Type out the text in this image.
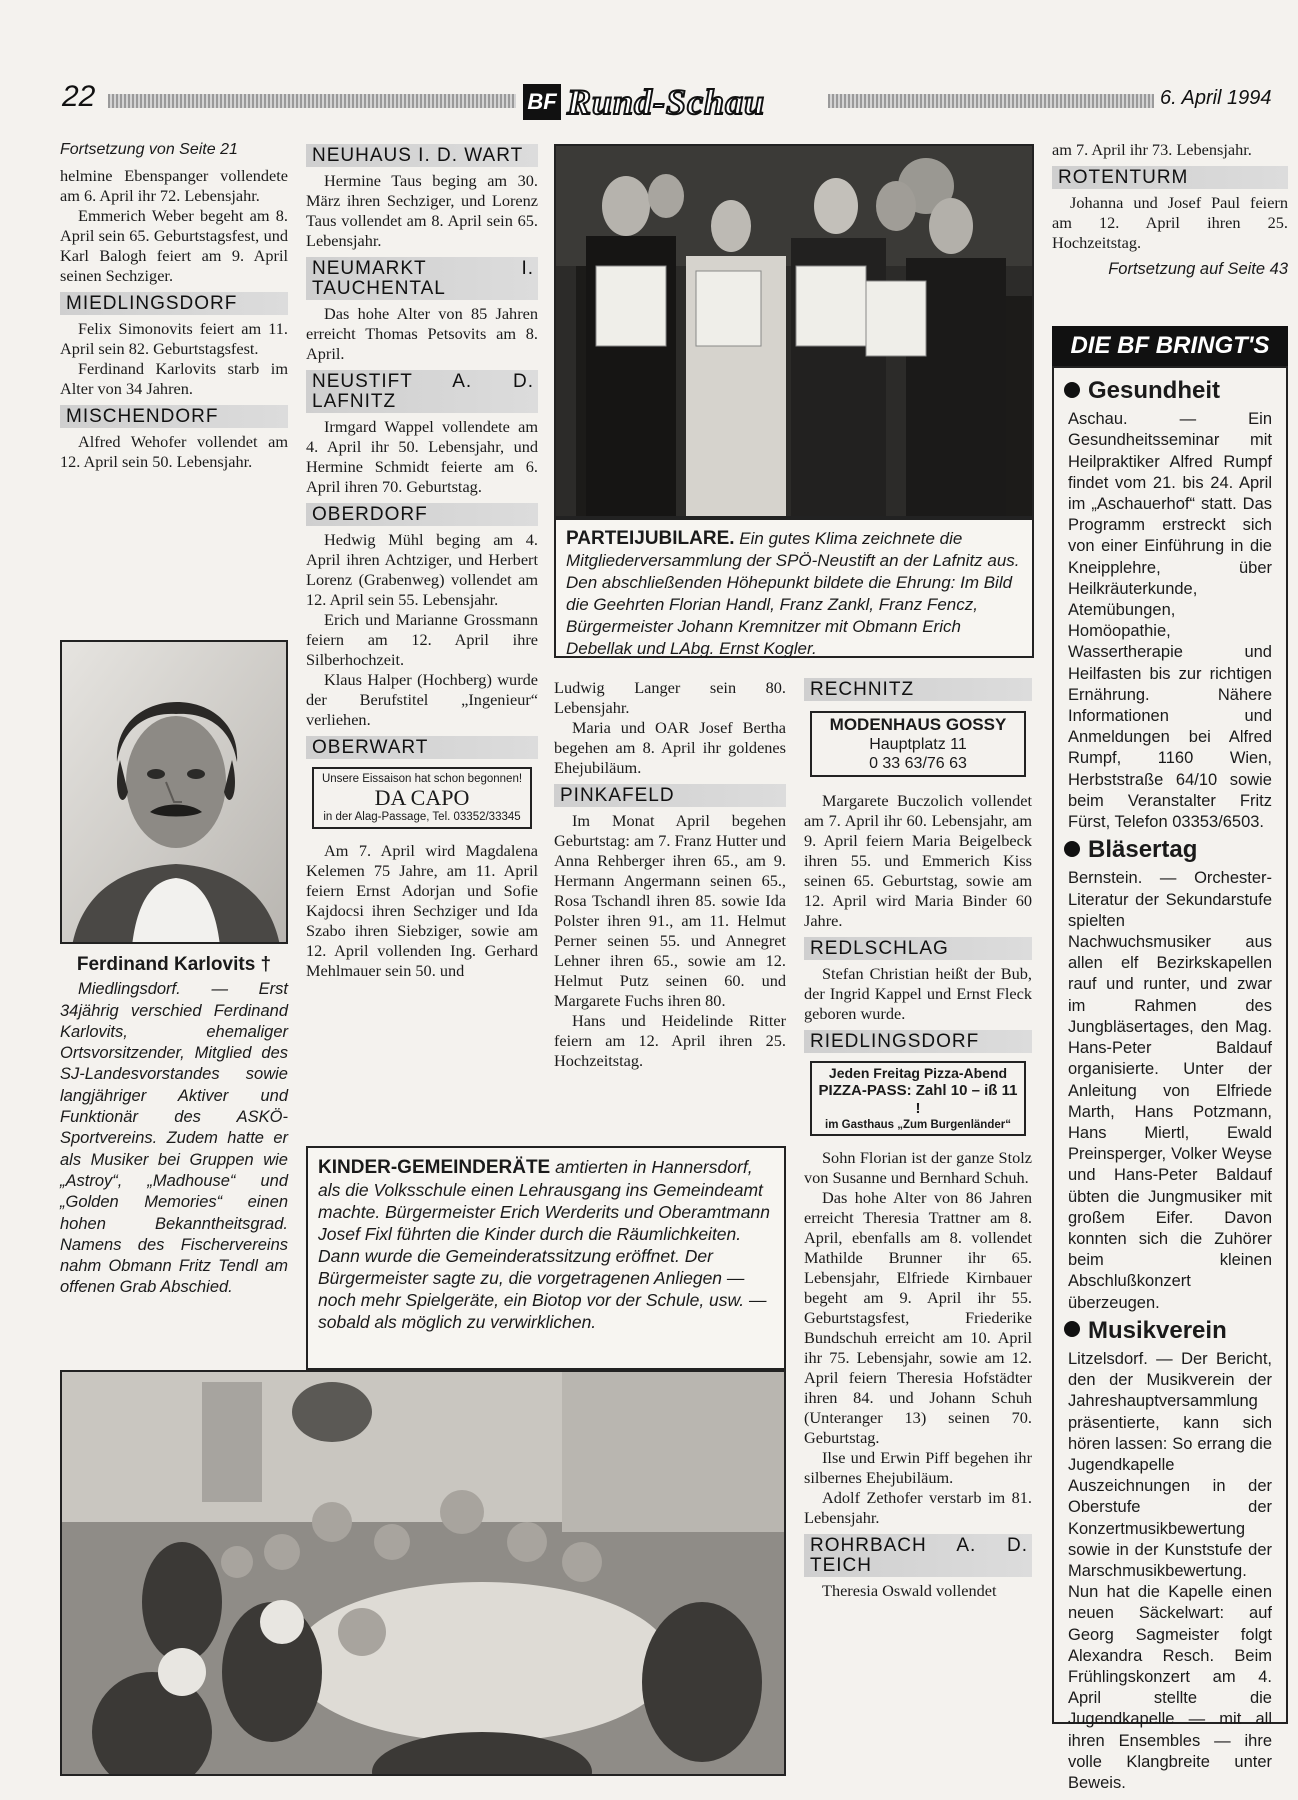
22	BF Rund-Schau	6. April 1994

Fortsetzung von Seite 21

helmine Ebenspanger vollendete am 6. April ihr 72. Lebensjahr.

Emmerich Weber begeht am 8. April sein 65. Geburtstagsfest, und Karl Balogh feiert am 9. April seinen Sechziger.

MIEDLINGSDORF

Felix Simonovits feiert am 11. April sein 82. Geburtstagsfest.

Ferdinand Karlovits starb im Alter von 34 Jahren.

MISCHENDORF

Alfred Wehofer vollendet am 12. April sein 50. Lebensjahr.

Ferdinand Karlovits †

Miedlingsdorf. — Erst 34jährig verschied Ferdinand Karlovits, ehemaliger Ortsvorsitzender, Mitglied des SJ-Landesvorstandes sowie langjähriger Aktiver und Funktionär des ASKÖ-Sportvereins. Zudem hatte er als Musiker bei Gruppen wie „Astroy“, „Madhouse“ und „Golden Memories“ einen hohen Bekanntheitsgrad. Namens des Fischervereins nahm Obmann Fritz Tendl am offenen Grab Abschied.

NEUHAUS I. D. WART

Hermine Taus beging am 30. März ihren Sechziger, und Lorenz Taus vollendet am 8. April sein 65. Lebensjahr.

NEUMARKT I. TAUCHENTAL

Das hohe Alter von 85 Jahren erreicht Thomas Petsovits am 8. April.

NEUSTIFT A. D. LAFNITZ

Irmgard Wappel vollendete am 4. April ihr 50. Lebensjahr, und Hermine Schmidt feierte am 6. April ihren 70. Geburtstag.

OBERDORF

Hedwig Mühl beging am 4. April ihren Achtziger, und Herbert Lorenz (Grabenweg) vollendet am 12. April sein 55. Lebensjahr.

Erich und Marianne Grossmann feiern am 12. April ihre Silberhochzeit.

Klaus Halper (Hochberg) wurde der Berufstitel „Ingenieur“ verliehen.

OBERWART
Unsere Eissaison hat schon begonnen!
DA CAPO
in der Alag-Passage, Tel. 03352/33345

Am 7. April wird Magdalena Kelemen 75 Jahre, am 11. April feiern Ernst Adorjan und Sofie Kajdocsi ihren Sechziger und Ida Szabo ihren Siebziger, sowie am 12. April vollenden Ing. Gerhard Mehlmauer sein 50. und

PARTEIJUBILARE. Ein gutes Klima zeichnete die Mitgliederversammlung der SPÖ-Neustift an der Lafnitz aus. Den abschließenden Höhepunkt bildete die Ehrung: Im Bild die Geehrten Florian Handl, Franz Zankl, Franz Fencz, Bürgermeister Johann Kremnitzer mit Obmann Erich Debellak und LAbg. Ernst Kogler.

Ludwig Langer sein 80. Lebensjahr.

Maria und OAR Josef Bertha begehen am 8. April ihr goldenes Ehejubiläum.

PINKAFELD

Im Monat April begehen Geburtstag: am 7. Franz Hutter und Anna Rehberger ihren 65., am 9. Hermann Angermann seinen 65., Rosa Tschandl ihren 85. sowie Ida Polster ihren 91., am 11. Helmut Perner seinen 55. und Annegret Lehner ihren 65., sowie am 12. Helmut Putz seinen 60. und Margarete Fuchs ihren 80.

Hans und Heidelinde Ritter feiern am 12. April ihren 25. Hochzeitstag.

KINDER-GEMEINDERÄTE amtierten in Hannersdorf, als die Volksschule einen Lehrausgang ins Gemeindeamt machte. Bürgermeister Erich Werderits und Oberamtmann Josef Fixl führten die Kinder durch die Räumlichkeiten. Dann wurde die Gemeinderatssitzung eröffnet. Der Bürgermeister sagte zu, die vorgetragenen Anliegen — noch mehr Spielgeräte, ein Biotop vor der Schule, usw. — sobald als möglich zu verwirklichen.
RECHNITZ
MODENHAUS GOSSY
Hauptplatz 11
0 33 63/76 63

Margarete Buczolich vollendet am 7. April ihr 60. Lebensjahr, am 9. April feiern Maria Beigelbeck ihren 55. und Emmerich Kiss seinen 65. Geburtstag, sowie am 12. April wird Maria Binder 60 Jahre.

REDLSCHLAG

Stefan Christian heißt der Bub, der Ingrid Kappel und Ernst Fleck geboren wurde.

RIEDLINGSDORF
Jeden Freitag Pizza-Abend
PIZZA-PASS: Zahl 10 – iß 11 !
im Gasthaus „Zum Burgenländer“

Sohn Florian ist der ganze Stolz von Susanne und Bernhard Schuh.

Das hohe Alter von 86 Jahren erreicht Theresia Trattner am 8. April, ebenfalls am 8. vollendet Mathilde Brunner ihr 65. Lebensjahr, Elfriede Kirnbauer begeht am 9. April ihr 55. Geburtstagsfest, Friederike Bundschuh erreicht am 10. April ihr 75. Lebensjahr, sowie am 12. April feiern Theresia Hofstädter ihren 84. und Johann Schuh (Unteranger 13) seinen 70. Geburtstag.

Ilse und Erwin Piff begehen ihr silbernes Ehejubiläum.

Adolf Zethofer verstarb im 81. Lebensjahr.

ROHRBACH A. D. TEICH

Theresia Oswald vollendet

am 7. April ihr 73. Lebensjahr.

ROTENTURM

Johanna und Josef Paul feiern am 12. April ihren 25. Hochzeitstag.

Fortsetzung auf Seite 43

DIE BF BRINGT'S
Gesundheit

Aschau. — Ein Gesundheitsseminar mit Heilpraktiker Alfred Rumpf findet vom 21. bis 24. April im „Aschauerhof“ statt. Das Programm erstreckt sich von einer Einführung in die Kneipplehre, über Heilkräuterkunde, Atemübungen, Homöopathie, Wassertherapie und Heilfasten bis zur richtigen Ernährung. Nähere Informationen und Anmeldungen bei Alfred Rumpf, 1160 Wien, Herbststraße 64/10 sowie beim Veranstalter Fritz Fürst, Telefon 03353/6503.

Bläsertag

Bernstein. — Orchester-Literatur der Sekundarstufe spielten Nachwuchsmusiker aus allen elf Bezirkskapellen rauf und runter, und zwar im Rahmen des Jungbläsertages, den Mag. Hans-Peter Baldauf organisierte. Unter der Anleitung von Elfriede Marth, Hans Potzmann, Hans Miertl, Ewald Preinsperger, Volker Weyse und Hans-Peter Baldauf übten die Jungmusiker mit großem Eifer. Davon konnten sich die Zuhörer beim kleinen Abschlußkonzert überzeugen.

Musikverein

Litzelsdorf. — Der Bericht, den der Musikverein der Jahreshauptversammlung präsentierte, kann sich hören lassen: So errang die Jugendkapelle Auszeichnungen in der Oberstufe der Konzertmusikbewertung sowie in der Kunststufe der Marschmusikbewertung. Nun hat die Kapelle einen neuen Säckelwart: auf Georg Sagmeister folgt Alexandra Resch. Beim Frühlingskonzert am 4. April stellte die Jugendkapelle — mit all ihren Ensembles — ihre volle Klangbreite unter Beweis.
